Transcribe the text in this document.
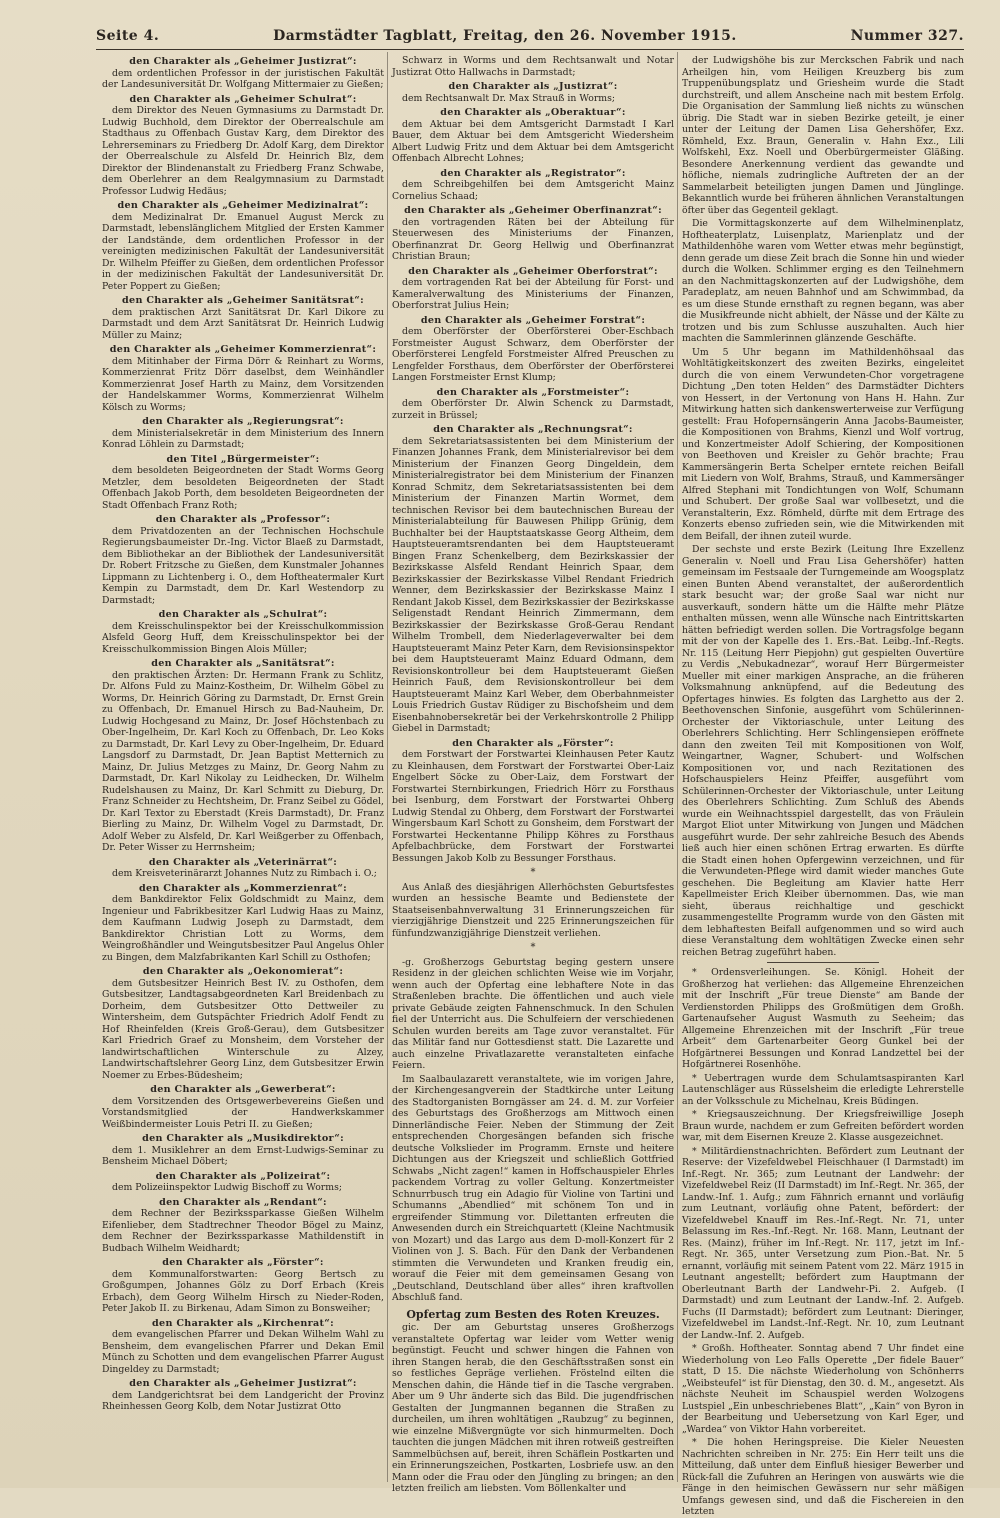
Seite 4.	Darmstädter Tagblatt, Freitag, den 26. November 1915.	Nummer 327.
den Charakter als „Geheimer Justizrat“:

dem ordentlichen Professor in der juristischen Fakultät der Landesuniversität Dr. Wolfgang Mittermaier zu Gießen;

den Charakter als „Geheimer Schulrat“:

dem Direktor des Neuen Gymnasiums zu Darmstadt Dr. Ludwig Buchhold, dem Direktor der Oberrealschule am Stadthaus zu Offenbach Gustav Karg, dem Direktor des Lehrerseminars zu Friedberg Dr. Adolf Karg, dem Direktor der Oberrealschule zu Alsfeld Dr. Heinrich Blz, dem Direktor der Blindenanstalt zu Friedberg Franz Schwabe, dem Oberlehrer an dem Realgymnasium zu Darmstadt Professor Ludwig Hedäus;

den Charakter als „Geheimer Medizinalrat“:

dem Medizinalrat Dr. Emanuel August Merck zu Darmstadt, lebenslänglichem Mitglied der Ersten Kammer der Landstände, dem ordentlichen Professor in der vereinigten medizinischen Fakultät der Landesuniversität Dr. Wilhelm Pfeiffer zu Gießen, dem ordentlichen Professor in der medizinischen Fakultät der Landesuniversität Dr. Peter Poppert zu Gießen;

den Charakter als „Geheimer Sanitätsrat“:

dem praktischen Arzt Sanitätsrat Dr. Karl Dikore zu Darmstadt und dem Arzt Sanitätsrat Dr. Heinrich Ludwig Müller zu Mainz;

den Charakter als „Geheimer Kommerzienrat“:

dem Mitinhaber der Firma Dörr & Reinhart zu Worms, Kommerzienrat Fritz Dörr daselbst, dem Weinhändler Kommerzienrat Josef Harth zu Mainz, dem Vorsitzenden der Handelskammer Worms, Kommerzienrat Wilhelm Kölsch zu Worms;

den Charakter als „Regierungsrat“:

dem Ministerialsekretär in dem Ministerium des Innern Konrad Löhlein zu Darmstadt;

den Titel „Bürgermeister“:

dem besoldeten Beigeordneten der Stadt Worms Georg Metzler, dem besoldeten Beigeordneten der Stadt Offenbach Jakob Porth, dem besoldeten Beigeordneten der Stadt Offenbach Franz Roth;

den Charakter als „Professor“:

dem Privatdozenten an der Technischen Hochschule Regierungsbaumeister Dr.-Ing. Victor Blaeß zu Darmstadt, dem Bibliothekar an der Bibliothek der Landesuniversität Dr. Robert Fritzsche zu Gießen, dem Kunstmaler Johannes Lippmann zu Lichtenberg i. O., dem Hoftheatermaler Kurt Kempin zu Darmstadt, dem Dr. Karl Westendorp zu Darmstadt;

den Charakter als „Schulrat“:

dem Kreisschulinspektor bei der Kreisschulkommission Alsfeld Georg Huff, dem Kreisschulinspektor bei der Kreisschulkommission Bingen Alois Müller;

den Charakter als „Sanitätsrat“:

den praktischen Ärzten: Dr. Hermann Frank zu Schlitz, Dr. Alfons Fuld zu Mainz-Kostheim, Dr. Wilhelm Göbel zu Worms, Dr. Heinrich Göring zu Darmstadt, Dr. Ernst Grein zu Offenbach, Dr. Emanuel Hirsch zu Bad-Nauheim, Dr. Ludwig Hochgesand zu Mainz, Dr. Josef Höchstenbach zu Ober-Ingelheim, Dr. Karl Koch zu Offenbach, Dr. Leo Koks zu Darmstadt, Dr. Karl Levy zu Ober-Ingelheim, Dr. Eduard Langsdorf zu Darmstadt, Dr. Jean Baptist Metternich zu Mainz, Dr. Julius Metzges zu Mainz, Dr. Georg Nahm zu Darmstadt, Dr. Karl Nikolay zu Leidhecken, Dr. Wilhelm Rudelshausen zu Mainz, Dr. Karl Schmitt zu Dieburg, Dr. Franz Schneider zu Hechtsheim, Dr. Franz Seibel zu Gödel, Dr. Karl Textor zu Eberstadt (Kreis Darmstadt), Dr. Franz Bierling zu Mainz, Dr. Wilhelm Vogel zu Darmstadt, Dr. Adolf Weber zu Alsfeld, Dr. Karl Weißgerber zu Offenbach, Dr. Peter Wisser zu Herrnsheim;

den Charakter als „Veterinärrat“:

dem Kreisveterinärarzt Johannes Nutz zu Rimbach i. O.;

den Charakter als „Kommerzienrat“:

dem Bankdirektor Felix Goldschmidt zu Mainz, dem Ingenieur und Fabrikbesitzer Karl Ludwig Haas zu Mainz, dem Kaufmann Ludwig Joseph zu Darmstadt, dem Bankdirektor Christian Lott zu Worms, dem Weingroßhändler und Weingutsbesitzer Paul Angelus Ohler zu Bingen, dem Malzfabrikanten Karl Schill zu Osthofen;

den Charakter als „Oekonomierat“:

dem Gutsbesitzer Heinrich Best IV. zu Osthofen, dem Gutsbesitzer, Landtagsabgeordneten Karl Breidenbach zu Dorheim, dem Gutsbesitzer Otto Dettweiler zu Wintersheim, dem Gutspächter Friedrich Adolf Fendt zu Hof Rheinfelden (Kreis Groß-Gerau), dem Gutsbesitzer Karl Friedrich Graef zu Monsheim, dem Vorsteher der landwirtschaftlichen Winterschule zu Alzey, Landwirtschaftslehrer Georg Linz, dem Gutsbesitzer Erwin Noemer zu Erbes-Büdesheim;

den Charakter als „Gewerberat“:

dem Vorsitzenden des Ortsgewerbevereins Gießen und Vorstandsmitglied der Handwerkskammer Weißbindermeister Louis Petri II. zu Gießen;

den Charakter als „Musikdirektor“:

dem 1. Musiklehrer an dem Ernst-Ludwigs-Seminar zu Bensheim Michael Döbert;

den Charakter als „Polizeirat“:

dem Polizeiinspektor Ludwig Bischoff zu Worms;

den Charakter als „Rendant“:

dem Rechner der Bezirkssparkasse Gießen Wilhelm Eifenlieber, dem Stadtrechner Theodor Bögel zu Mainz, dem Rechner der Bezirkssparkasse Mathildenstift in Budbach Wilhelm Weidhardt;

den Charakter als „Förster“:

dem Kommunalforstwarten: Georg Bertsch zu Großgumpen, Johannes Gölz zu Dorf Erbach (Kreis Erbach), dem Georg Wilhelm Hirsch zu Nieder-Roden, Peter Jakob II. zu Birkenau, Adam Simon zu Bonsweiher;

den Charakter als „Kirchenrat“:

dem evangelischen Pfarrer und Dekan Wilhelm Wahl zu Bensheim, dem evangelischen Pfarrer und Dekan Emil Münch zu Schotten und dem evangelischen Pfarrer August Dingeldey zu Darmstadt;

den Charakter als „Geheimer Justizrat“:

dem Landgerichtsrat bei dem Landgericht der Provinz Rheinhessen Georg Kolb, dem Notar Justizrat Otto

Schwarz in Worms und dem Rechtsanwalt und Notar Justizrat Otto Hallwachs in Darmstadt;

den Charakter als „Justizrat“:

dem Rechtsanwalt Dr. Max Strauß in Worms;

den Charakter als „Oberaktuar“:

dem Aktuar bei dem Amtsgericht Darmstadt I Karl Bauer, dem Aktuar bei dem Amtsgericht Wiedersheim Albert Ludwig Fritz und dem Aktuar bei dem Amtsgericht Offenbach Albrecht Lohnes;

den Charakter als „Registrator“:

dem Schreibgehilfen bei dem Amtsgericht Mainz Cornelius Schaad;

den Charakter als „Geheimer Oberfinanzrat“:

den vortragenden Räten bei der Abteilung für Steuerwesen des Ministeriums der Finanzen, Oberfinanzrat Dr. Georg Hellwig und Oberfinanzrat Christian Braun;

den Charakter als „Geheimer Oberforstrat“:

dem vortragenden Rat bei der Abteilung für Forst- und Kameralverwaltung des Ministeriums der Finanzen, Oberforstrat Julius Hein;

den Charakter als „Geheimer Forstrat“:

dem Oberförster der Oberförsterei Ober-Eschbach Forstmeister August Schwarz, dem Oberförster der Oberförsterei Lengfeld Forstmeister Alfred Preuschen zu Lengfelder Forsthaus, dem Oberförster der Oberförsterei Langen Forstmeister Ernst Klump;

den Charakter als „Forstmeister“:

dem Oberförster Dr. Alwin Schenck zu Darmstadt, zurzeit in Brüssel;

den Charakter als „Rechnungsrat“:

dem Sekretariatsassistenten bei dem Ministerium der Finanzen Johannes Frank, dem Ministerialrevisor bei dem Ministerium der Finanzen Georg Dingeldein, dem Ministerialregistrator bei dem Ministerium der Finanzen Konrad Schmitz, dem Sekretariatsassistenten bei dem Ministerium der Finanzen Martin Wormet, dem technischen Revisor bei dem bautechnischen Bureau der Ministerialabteilung für Bauwesen Philipp Grünig, dem Buchhalter bei der Hauptstaatskasse Georg Altheim, dem Hauptsteueramtsrendanten bei dem Hauptsteueramt Bingen Franz Schenkelberg, dem Bezirkskassier der Bezirkskasse Alsfeld Rendant Heinrich Spaar, dem Bezirkskassier der Bezirkskasse Vilbel Rendant Friedrich Wenner, dem Bezirkskassier der Bezirkskasse Mainz I Rendant Jakob Kissel, dem Bezirkskassier der Bezirkskasse Seligenstadt Rendant Heinrich Zimmermann, dem Bezirkskassier der Bezirkskasse Groß-Gerau Rendant Wilhelm Trombell, dem Niederlageverwalter bei dem Hauptsteueramt Mainz Peter Karn, dem Revisionsinspektor bei dem Hauptsteueramt Mainz Eduard Odmann, dem Revisionskontrolleur bei dem Hauptsteueramt Gießen Heinrich Fauß, dem Revisionskontrolleur bei dem Hauptsteueramt Mainz Karl Weber, dem Oberbahnmeister Louis Friedrich Gustav Rüdiger zu Bischofsheim und dem Eisenbahnobersekretär bei der Verkehrskontrolle 2 Philipp Giebel in Darmstadt;

den Charakter als „Förster“:

dem Forstwart der Forstwartei Kleinhausen Peter Kautz zu Kleinhausen, dem Forstwart der Forstwartei Ober-Laiz Engelbert Söcke zu Ober-Laiz, dem Forstwart der Forstwartei Sternbirkungen, Friedrich Hörr zu Forsthaus bei Isenburg, dem Forstwart der Forstwartei Ohberg Ludwig Stendal zu Ohberg, dem Forstwart der Forstwartei Wingersbaum Karl Schott zu Gonsheim, dem Forstwart der Forstwartei Heckentanne Philipp Köhres zu Forsthaus Apfelbachbrücke, dem Forstwart der Forstwartei Bessungen Jakob Kolb zu Bessunger Forsthaus.

*

Aus Anlaß des diesjährigen Allerhöchsten Geburtsfestes wurden an hessische Beamte und Bedienstete der Staatseisenbahnverwaltung 31 Erinnerungszeichen für vierzigjährige Dienstzeit und 225 Erinnerungszeichen für fünfundzwanzigjährige Dienstzeit verliehen.

*

-g. Großherzogs Geburtstag beging gestern unsere Residenz in der gleichen schlichten Weise wie im Vorjahr, wenn auch der Opfertag eine lebhaftere Note in das Straßenleben brachte. Die öffentlichen und auch viele private Gebäude zeigten Fahnenschmuck. In den Schulen fiel der Unterricht aus. Die Schulfeiern der verschiedenen Schulen wurden bereits am Tage zuvor veranstaltet. Für das Militär fand nur Gottesdienst statt. Die Lazarette und auch einzelne Privatlazarette veranstalteten einfache Feiern.

Im Saalbaulazarett veranstaltete, wie im vorigen Jahre, der Kirchengesangverein der Stadtkirche unter Leitung des Stadtorganisten Borngässer am 24. d. M. zur Vorfeier des Geburtstags des Großherzogs am Mittwoch einen Dinnerländische Feier. Neben der Stimmung der Zeit entsprechenden Chorgesängen befanden sich frische deutsche Volkslieder im Programm. Ernste und heitere Dichtungen aus der Kriegszeit und schließlich Gottfried Schwabs „Nicht zagen!“ kamen in Hoffschauspieler Ehrles packendem Vortrag zu voller Geltung. Konzertmeister Schnurrbusch trug ein Adagio für Violine von Tartini und Schumanns „Abendlied“ mit schönem Ton und in ergreifender Stimmung vor. Dilettanten erfreuten die Anwesenden durch ein Streichquartett (Kleine Nachtmusik von Mozart) und das Largo aus dem D-moll-Konzert für 2 Violinen von J. S. Bach. Für den Dank der Verbandenen stimmten die Verwundeten und Kranken freudig ein, worauf die Feier mit dem gemeinsamen Gesang von „Deutschland, Deutschland über alles“ ihren kraftvollen Abschluß fand.

Opfertag zum Besten des Roten Kreuzes.

gic. Der am Geburtstag unseres Großherzogs veranstaltete Opfertag war leider vom Wetter wenig begünstigt. Feucht und schwer hingen die Fahnen von ihren Stangen herab, die den Geschäftsstraßen sonst ein so festliches Gepräge verliehen. Fröstelnd eilten die Menschen dahin, die Hände tief in die Tasche vergraben. Aber um 9 Uhr änderte sich das Bild. Die jugendfrischen Gestalten der Jungmannen begannen die Straßen zu durcheilen, um ihren wohltätigen „Raubzug“ zu beginnen, wie einzelne Mißvergnügte vor sich hinmurmelten. Doch tauchten die jungen Mädchen mit ihren rotweiß gestreiften Sammelbüchsen auf, bereit, ihren Schäflein Postkarten und ein Erinnerungszeichen, Postkarten, Losbriefe usw. an den Mann oder die Frau oder den Jüngling zu bringen; an den letzten freilich am liebsten. Vom Böllenkalter und

der Ludwigshöhe bis zur Merckschen Fabrik und nach Arheilgen hin, vom Heiligen Kreuzberg bis zum Truppenübungsplatz und Griesheim wurde die Stadt durchstreift, und allem Anscheine nach mit bestem Erfolg. Die Organisation der Sammlung ließ nichts zu wünschen übrig. Die Stadt war in sieben Bezirke geteilt, je einer unter der Leitung der Damen Lisa Gehershöfer, Exz. Römheld, Exz. Braun, Generalin v. Hahn Exz., Lili Wolfskehl, Exz. Noell und Oberbürgermeister Gläßing. Besondere Anerkennung verdient das gewandte und höfliche, niemals zudringliche Auftreten der an der Sammelarbeit beteiligten jungen Damen und Jünglinge. Bekanntlich wurde bei früheren ähnlichen Veranstaltungen öfter über das Gegenteil geklagt.

Die Vormittagskonzerte auf dem Wilhelminenplatz, Hoftheaterplatz, Luisenplatz, Marienplatz und der Mathildenhöhe waren vom Wetter etwas mehr begünstigt, denn gerade um diese Zeit brach die Sonne hin und wieder durch die Wolken. Schlimmer erging es den Teilnehmern an den Nachmittagskonzerten auf der Ludwigshöhe, dem Paradeplatz, am neuen Bahnhof und am Schwimmbad, da es um diese Stunde ernsthaft zu regnen begann, was aber die Musikfreunde nicht abhielt, der Nässe und der Kälte zu trotzen und bis zum Schlusse auszuhalten. Auch hier machten die Sammlerinnen glänzende Geschäfte.

Um 5 Uhr begann im Mathildenhöhsaal das Wohltätigkeitskonzert des zweiten Bezirks, eingeleitet durch die von einem Verwundeten-Chor vorgetragene Dichtung „Den toten Helden“ des Darmstädter Dichters von Hessert, in der Vertonung von Hans H. Hahn. Zur Mitwirkung hatten sich dankenswerterweise zur Verfügung gestellt: Frau Hofopernsängerin Anna Jacobs-Baumeister, die Kompositionen von Brahms, Kienzl und Wolf vortrug, und Konzertmeister Adolf Schiering, der Kompositionen von Beethoven und Kreisler zu Gehör brachte; Frau Kammersängerin Berta Schelper erntete reichen Beifall mit Liedern von Wolf, Brahms, Strauß, und Kammersänger Alfred Stephani mit Tondichtungen von Wolf, Schumann und Schubert. Der große Saal war vollbesetzt, und die Veranstalterin, Exz. Römheld, dürfte mit dem Ertrage des Konzerts ebenso zufrieden sein, wie die Mitwirkenden mit dem Beifall, der ihnen zuteil wurde.

Der sechste und erste Bezirk (Leitung Ihre Exzellenz Generalin v. Noell und Frau Lisa Gehershöfer) hatten gemeinsam im Festsaale der Turngemeinde am Woogsplatz einen Bunten Abend veranstaltet, der außerordentlich stark besucht war; der große Saal war nicht nur ausverkauft, sondern hätte um die Hälfte mehr Plätze enthalten müssen, wenn alle Wünsche nach Eintrittskarten hätten befriedigt werden sollen. Die Vortragsfolge begann mit der von der Kapelle des 1. Ers.-Bat. Leibg.-Inf.-Regts. Nr. 115 (Leitung Herr Piepjohn) gut gespielten Ouvertüre zu Verdis „Nebukadnezar“, worauf Herr Bürgermeister Mueller mit einer markigen Ansprache, an die früheren Volksmahnung anknüpfend, auf die Bedeutung des Opfertages hinwies. Es folgten das Larghetto aus der 2. Beethovenschen Sinfonie, ausgeführt vom Schülerinnen-Orchester der Viktoriaschule, unter Leitung des Oberlehrers Schlichting. Herr Schlingensiepen eröffnete dann den zweiten Teil mit Kompositionen von Wolf, Weingartner, Wagner, Schubert- und Wolfschen Kompositionen vor, und nach Rezitationen des Hofschauspielers Heinz Pfeiffer, ausgeführt vom Schülerinnen-Orchester der Viktoriaschule, unter Leitung des Oberlehrers Schlichting. Zum Schluß des Abends wurde ein Weihnachtsspiel dargestellt, das von Fräulein Margot Eliot unter Mitwirkung von Jungen und Mädchen ausgeführt wurde. Der sehr zahlreiche Besuch des Abends ließ auch hier einen schönen Ertrag erwarten. Es dürfte die Stadt einen hohen Opfergewinn verzeichnen, und für die Verwundeten-Pflege wird damit wieder manches Gute geschehen. Die Begleitung am Klavier hatte Herr Kapellmeister Erich Kleiber übernommen. Das, wie man sieht, überaus reichhaltige und geschickt zusammengestellte Programm wurde von den Gästen mit dem lebhaftesten Beifall aufgenommen und so wird auch diese Veranstaltung dem wohltätigen Zwecke einen sehr reichen Betrag zugeführt haben.

* Ordensverleihungen. Se. Königl. Hoheit der Großherzog hat verliehen: das Allgemeine Ehrenzeichen mit der Inschrift „Für treue Dienste“ am Bande der Verdienstorden Philipps des Großmütigen dem Großh. Gartenaufseher August Wasmuth zu Seeheim; das Allgemeine Ehrenzeichen mit der Inschrift „Für treue Arbeit“ dem Gartenarbeiter Georg Gunkel bei der Hofgärtnerei Bessungen und Konrad Landzettel bei der Hofgärtnerei Rosenhöhe.

* Uebertragen wurde dem Schulamtsaspiranten Karl Lautenschläger aus Rüsselsheim die erledigte Lehrerstelle an der Volksschule zu Michelnau, Kreis Büdingen.

* Kriegsauszeichnung. Der Kriegsfreiwillige Joseph Braun wurde, nachdem er zum Gefreiten befördert worden war, mit dem Eisernen Kreuze 2. Klasse ausgezeichnet.

* Militärdienstnachrichten. Befördert zum Leutnant der Reserve: der Vizefeldwebel Fleischhauer (I Darmstadt) im Inf.-Regt. Nr. 365; zum Leutnant der Landwehr: der Vizefeldwebel Reiz (II Darmstadt) im Inf.-Regt. Nr. 365, der Landw.-Inf. 1. Aufg.; zum Fähnrich ernannt und vorläufig zum Leutnant, vorläufig ohne Patent, befördert: der Vizefeldwebel Knauff im Res.-Inf.-Regt. Nr. 71, unter Belassung im Res.-Inf.-Regt. Nr. 168. Mann, Leutnant der Res. (Mainz), früher im Inf.-Regt. Nr. 117, jetzt im Inf.-Regt. Nr. 365, unter Versetzung zum Pion.-Bat. Nr. 5 ernannt, vorläufig mit seinem Patent vom 22. März 1915 in Leutnant angestellt; befördert zum Hauptmann der Oberleutnant Barth der Landwehr-Pi. 2. Aufgeb. (I Darmstadt) und zum Leutnant der Landw.-Inf. 2. Aufgeb. Fuchs (II Darmstadt); befördert zum Leutnant: Dieringer, Vizefeldwebel im Landst.-Inf.-Regt. Nr. 10, zum Leutnant der Landw.-Inf. 2. Aufgeb.

* Großh. Hoftheater. Sonntag abend 7 Uhr findet eine Wiederholung von Leo Falls Operette „Der fidele Bauer“ statt, D 15. Die nächste Wiederholung von Schönherrs „Weibsteufel“ ist für Dienstag, den 30. d. M., angesetzt. Als nächste Neuheit im Schauspiel werden Wolzogens Lustspiel „Ein unbeschriebenes Blatt“, „Kain“ von Byron in der Bearbeitung und Uebersetzung von Karl Eger, und „Wardea“ von Viktor Hahn vorbereitet.

* Die hohen Heringspreise. Die Kieler Neuesten Nachrichten schreiben in Nr. 275: Ein Herr teilt uns die Mitteilung, daß unter dem Einfluß hiesiger Bewerber und Rück-fall die Zufuhren an Heringen von auswärts wie die Fänge in den heimischen Gewässern nur sehr mäßigen Umfangs gewesen sind, und daß die Fischereien in den letzten
